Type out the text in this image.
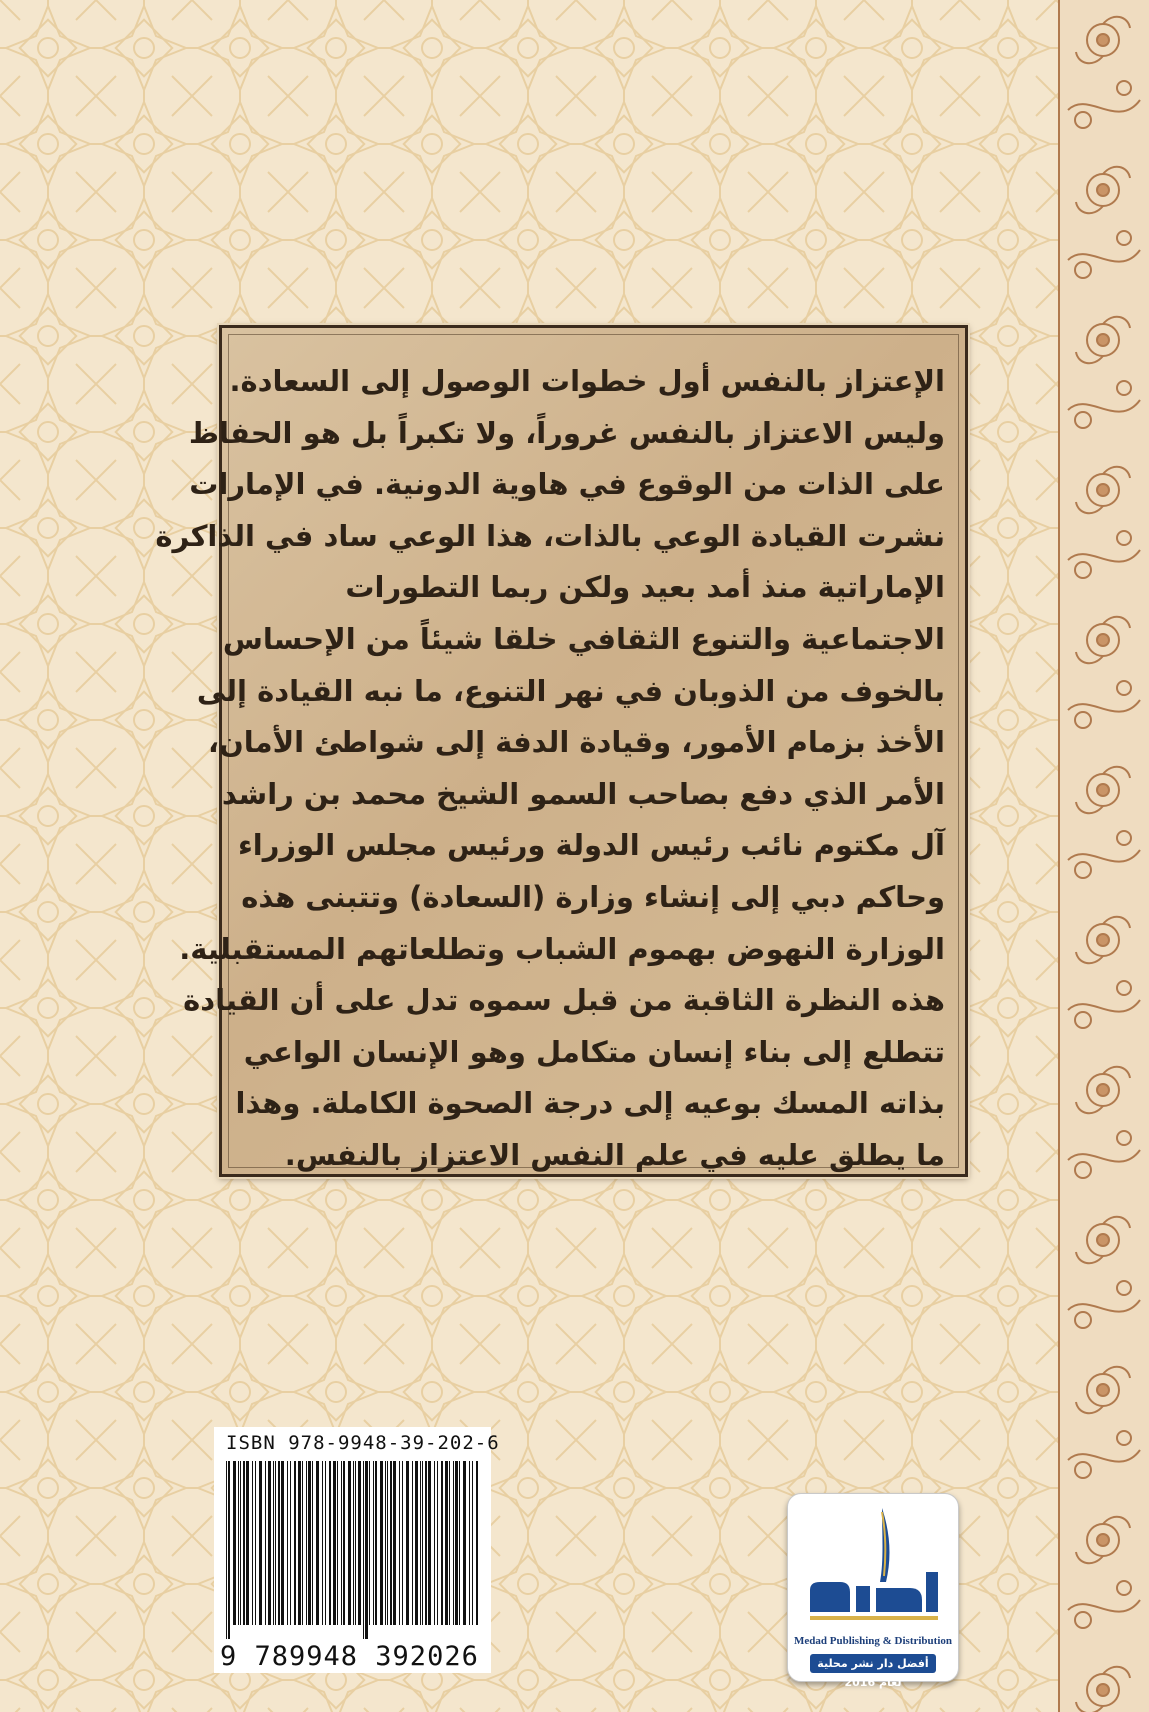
الإعتزاز بالنفس أول خطوات الوصول إلى السعادة.
وليس الاعتزاز بالنفس غروراً، ولا تكبراً بل هو الحفاظ
على الذات من الوقوع في هاوية الدونية. في الإمارات
نشرت القيادة الوعي بالذات، هذا الوعي ساد في الذاكرة
الإماراتية منذ أمد بعيد ولكن ربما التطورات
الاجتماعية والتنوع الثقافي خلقا شيئاً من الإحساس
بالخوف من الذوبان في نهر التنوع، ما نبه القيادة إلى
الأخذ بزمام الأمور، وقيادة الدفة إلى شواطئ الأمان،
الأمر الذي دفع بصاحب السمو الشيخ محمد بن راشد
آل مكتوم نائب رئيس الدولة ورئيس مجلس الوزراء
وحاكم دبي إلى إنشاء وزارة (السعادة) وتتبنى هذه
الوزارة النهوض بهموم الشباب وتطلعاتهم المستقبلية.
هذه النظرة الثاقبة من قبل سموه تدل على أن القيادة
تتطلع إلى بناء إنسان متكامل وهو الإنسان الواعي
بذاته المسك بوعيه إلى درجة الصحوة الكاملة. وهذا
ما يطلق عليه في علم النفس الاعتزاز بالنفس.
ISBN 978-9948-39-202-6
9 789948 392026	Medad Publishing & Distribution
أفضل دار نشر محلية لعام 2016
